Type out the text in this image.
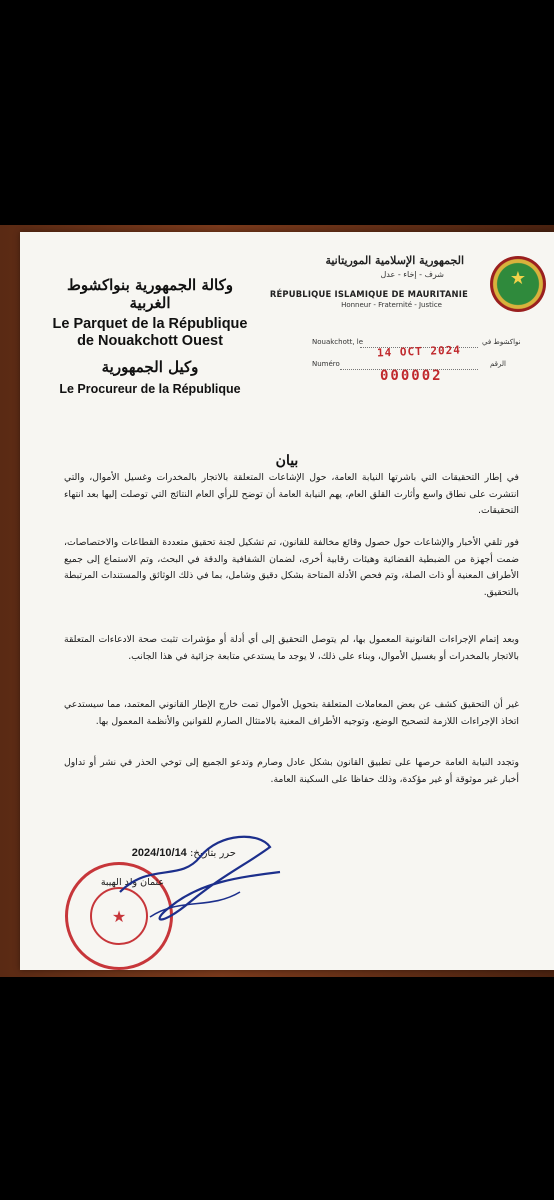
★
الجمهورية الإسلامية الموريتانية
شرف - إخاء - عدل
RÉPUBLIQUE ISLAMIQUE DE MAURITANIE
Honneur - Fraternité - Justice
وكالة الجمهورية بنواكشوط الغربية
Le Parquet de la République de Nouakchott Ouest
وكيل الجمهورية
Le Procureur de la République
Nouakchott, le	نواكشوط في
14 OCT 2024
Numéro	الرقم
000002
بيان
في إطار التحقيقات التي باشرتها النيابة العامة، حول الإشاعات المتعلقة بالاتجار بالمخدرات وغسيل الأموال، والتي انتشرت على نطاق واسع وأثارت القلق العام، يهم النيابة العامة أن توضح للرأي العام النتائج التي توصلت إليها بعد انتهاء التحقيقات.
فور تلقي الأخبار والإشاعات حول حصول وقائع مخالفة للقانون، تم تشكيل لجنة تحقيق متعددة القطاعات والاختصاصات، ضمت أجهزة من الضبطية القضائية وهيئات رقابية أخرى، لضمان الشفافية والدقة في البحث، وتم الاستماع إلى جميع الأطراف المعنية أو ذات الصلة، وتم فحص الأدلة المتاحة بشكل دقيق وشامل، بما في ذلك الوثائق والمستندات المرتبطة بالتحقيق.
وبعد إتمام الإجراءات القانونية المعمول بها، لم يتوصل التحقيق إلى أي أدلة أو مؤشرات تثبت صحة الادعاءات المتعلقة بالاتجار بالمخدرات أو بغسيل الأموال، وبناء على ذلك، لا يوجد ما يستدعي متابعة جزائية في هذا الجانب.
غير أن التحقيق كشف عن بعض المعاملات المتعلقة بتحويل الأموال تمت خارج الإطار القانوني المعتمد، مما سيستدعي اتخاذ الإجراءات اللازمة لتصحيح الوضع، وتوجيه الأطراف المعنية بالامتثال الصارم للقوانين والأنظمة المعمول بها.
وتجدد النيابة العامة حرصها على تطبيق القانون بشكل عادل وصارم وتدعو الجميع إلى توخي الحذر في نشر أو تداول أخبار غير موثوقة أو غير مؤكدة، وذلك حفاظا على السكينة العامة.
حرر بتاريخ: 2024/10/14
★
عثمان ولد الهيبة
